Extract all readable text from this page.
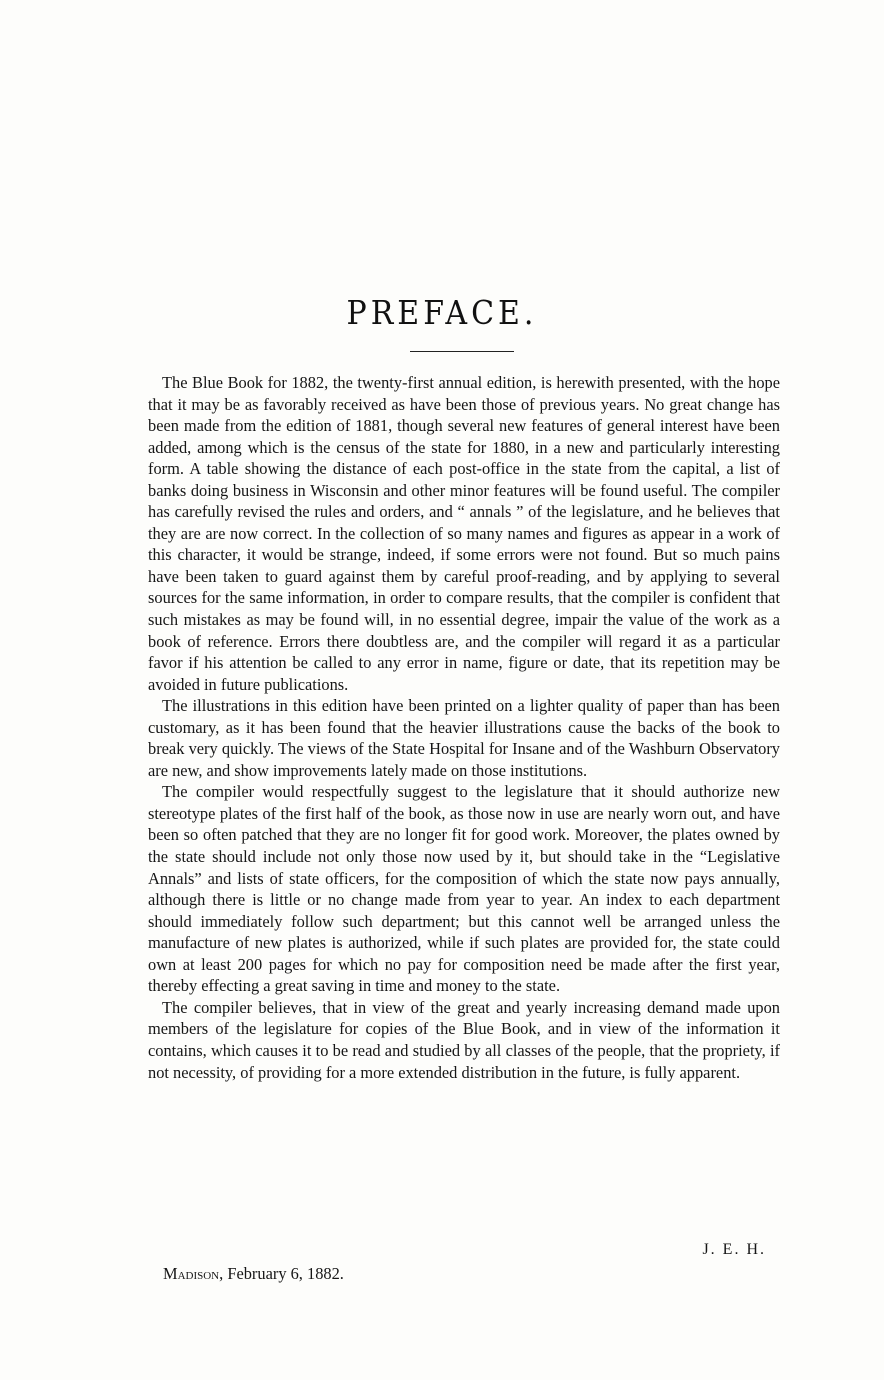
PREFACE.

The Blue Book for 1882, the twenty-first annual edition, is herewith presented, with the hope that it may be as favorably received as have been those of previous years. No great change has been made from the edition of 1881, though several new features of general interest have been added, among which is the census of the state for 1880, in a new and particularly interesting form. A table showing the distance of each post-office in the state from the capital, a list of banks doing business in Wisconsin and other minor features will be found useful. The compiler has carefully revised the rules and orders, and “ annals ” of the legislature, and he believes that they are are now correct. In the collection of so many names and figures as appear in a work of this character, it would be strange, indeed, if some errors were not found. But so much pains have been taken to guard against them by careful proof-reading, and by applying to several sources for the same information, in order to compare results, that the compiler is confident that such mistakes as may be found will, in no essential degree, impair the value of the work as a book of reference. Errors there doubtless are, and the compiler will regard it as a particular favor if his attention be called to any error in name, figure or date, that its repetition may be avoided in future publications.

The illustrations in this edition have been printed on a lighter quality of paper than has been customary, as it has been found that the heavier illustrations cause the backs of the book to break very quickly. The views of the State Hospital for Insane and of the Washburn Observatory are new, and show improvements lately made on those institutions.

The compiler would respectfully suggest to the legislature that it should authorize new stereotype plates of the first half of the book, as those now in use are nearly worn out, and have been so often patched that they are no longer fit for good work. Moreover, the plates owned by the state should include not only those now used by it, but should take in the “Legislative Annals” and lists of state officers, for the composition of which the state now pays annually, although there is little or no change made from year to year. An index to each department should immediately follow such department; but this cannot well be arranged unless the manufacture of new plates is authorized, while if such plates are provided for, the state could own at least 200 pages for which no pay for composition need be made after the first year, thereby effecting a great saving in time and money to the state.

The compiler believes, that in view of the great and yearly increasing demand made upon members of the legislature for copies of the Blue Book, and in view of the information it contains, which causes it to be read and studied by all classes of the people, that the propriety, if not necessity, of providing for a more extended distribution in the future, is fully apparent.

J. E. H.
Madison, February 6, 1882.
